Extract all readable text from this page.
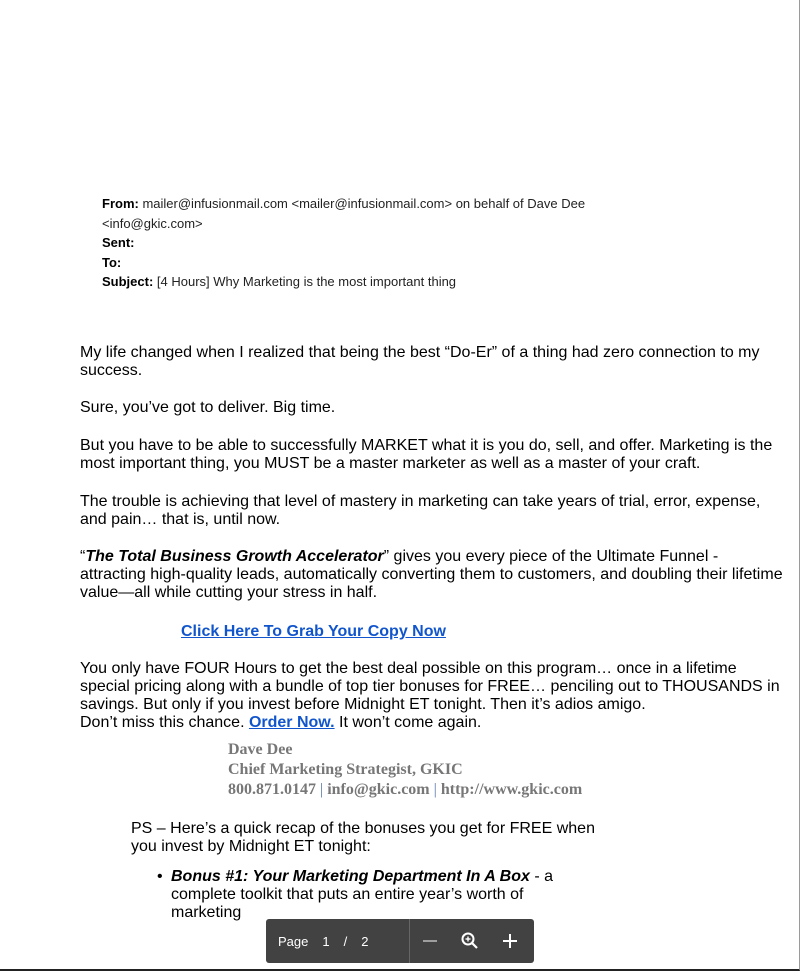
From: mailer@infusionmail.com <mailer@infusionmail.com> on behalf of Dave Dee <info@gkic.com>
Sent:
To:
Subject: [4 Hours] Why Marketing is the most important thing
My life changed when I realized that being the best “Do-Er” of a thing had zero connection to my success.
Sure, you’ve got to deliver. Big time.
But you have to be able to successfully MARKET what it is you do, sell, and offer. Marketing is the most important thing, you MUST be a master marketer as well as a master of your craft.
The trouble is achieving that level of mastery in marketing can take years of trial, error, expense, and pain… that is, until now.
“The Total Business Growth Accelerator” gives you every piece of the Ultimate Funnel - attracting high-quality leads, automatically converting them to customers, and doubling their lifetime value—all while cutting your stress in half.
Click Here To Grab Your Copy Now
You only have FOUR Hours to get the best deal possible on this program… once in a lifetime special pricing along with a bundle of top tier bonuses for FREE… penciling out to THOUSANDS in savings. But only if you invest before Midnight ET tonight. Then it’s adios amigo.
Don’t miss this chance. Order Now. It won’t come again.
Dave Dee
Chief Marketing Strategist, GKIC
800.871.0147 | info@gkic.com | http://www.gkic.com
PS – Here’s a quick recap of the bonuses you get for FREE when you invest by Midnight ET tonight:
• Bonus #1: Your Marketing Department In A Box - a complete toolkit that puts an entire year’s worth of marketing
Page 1 / 2
